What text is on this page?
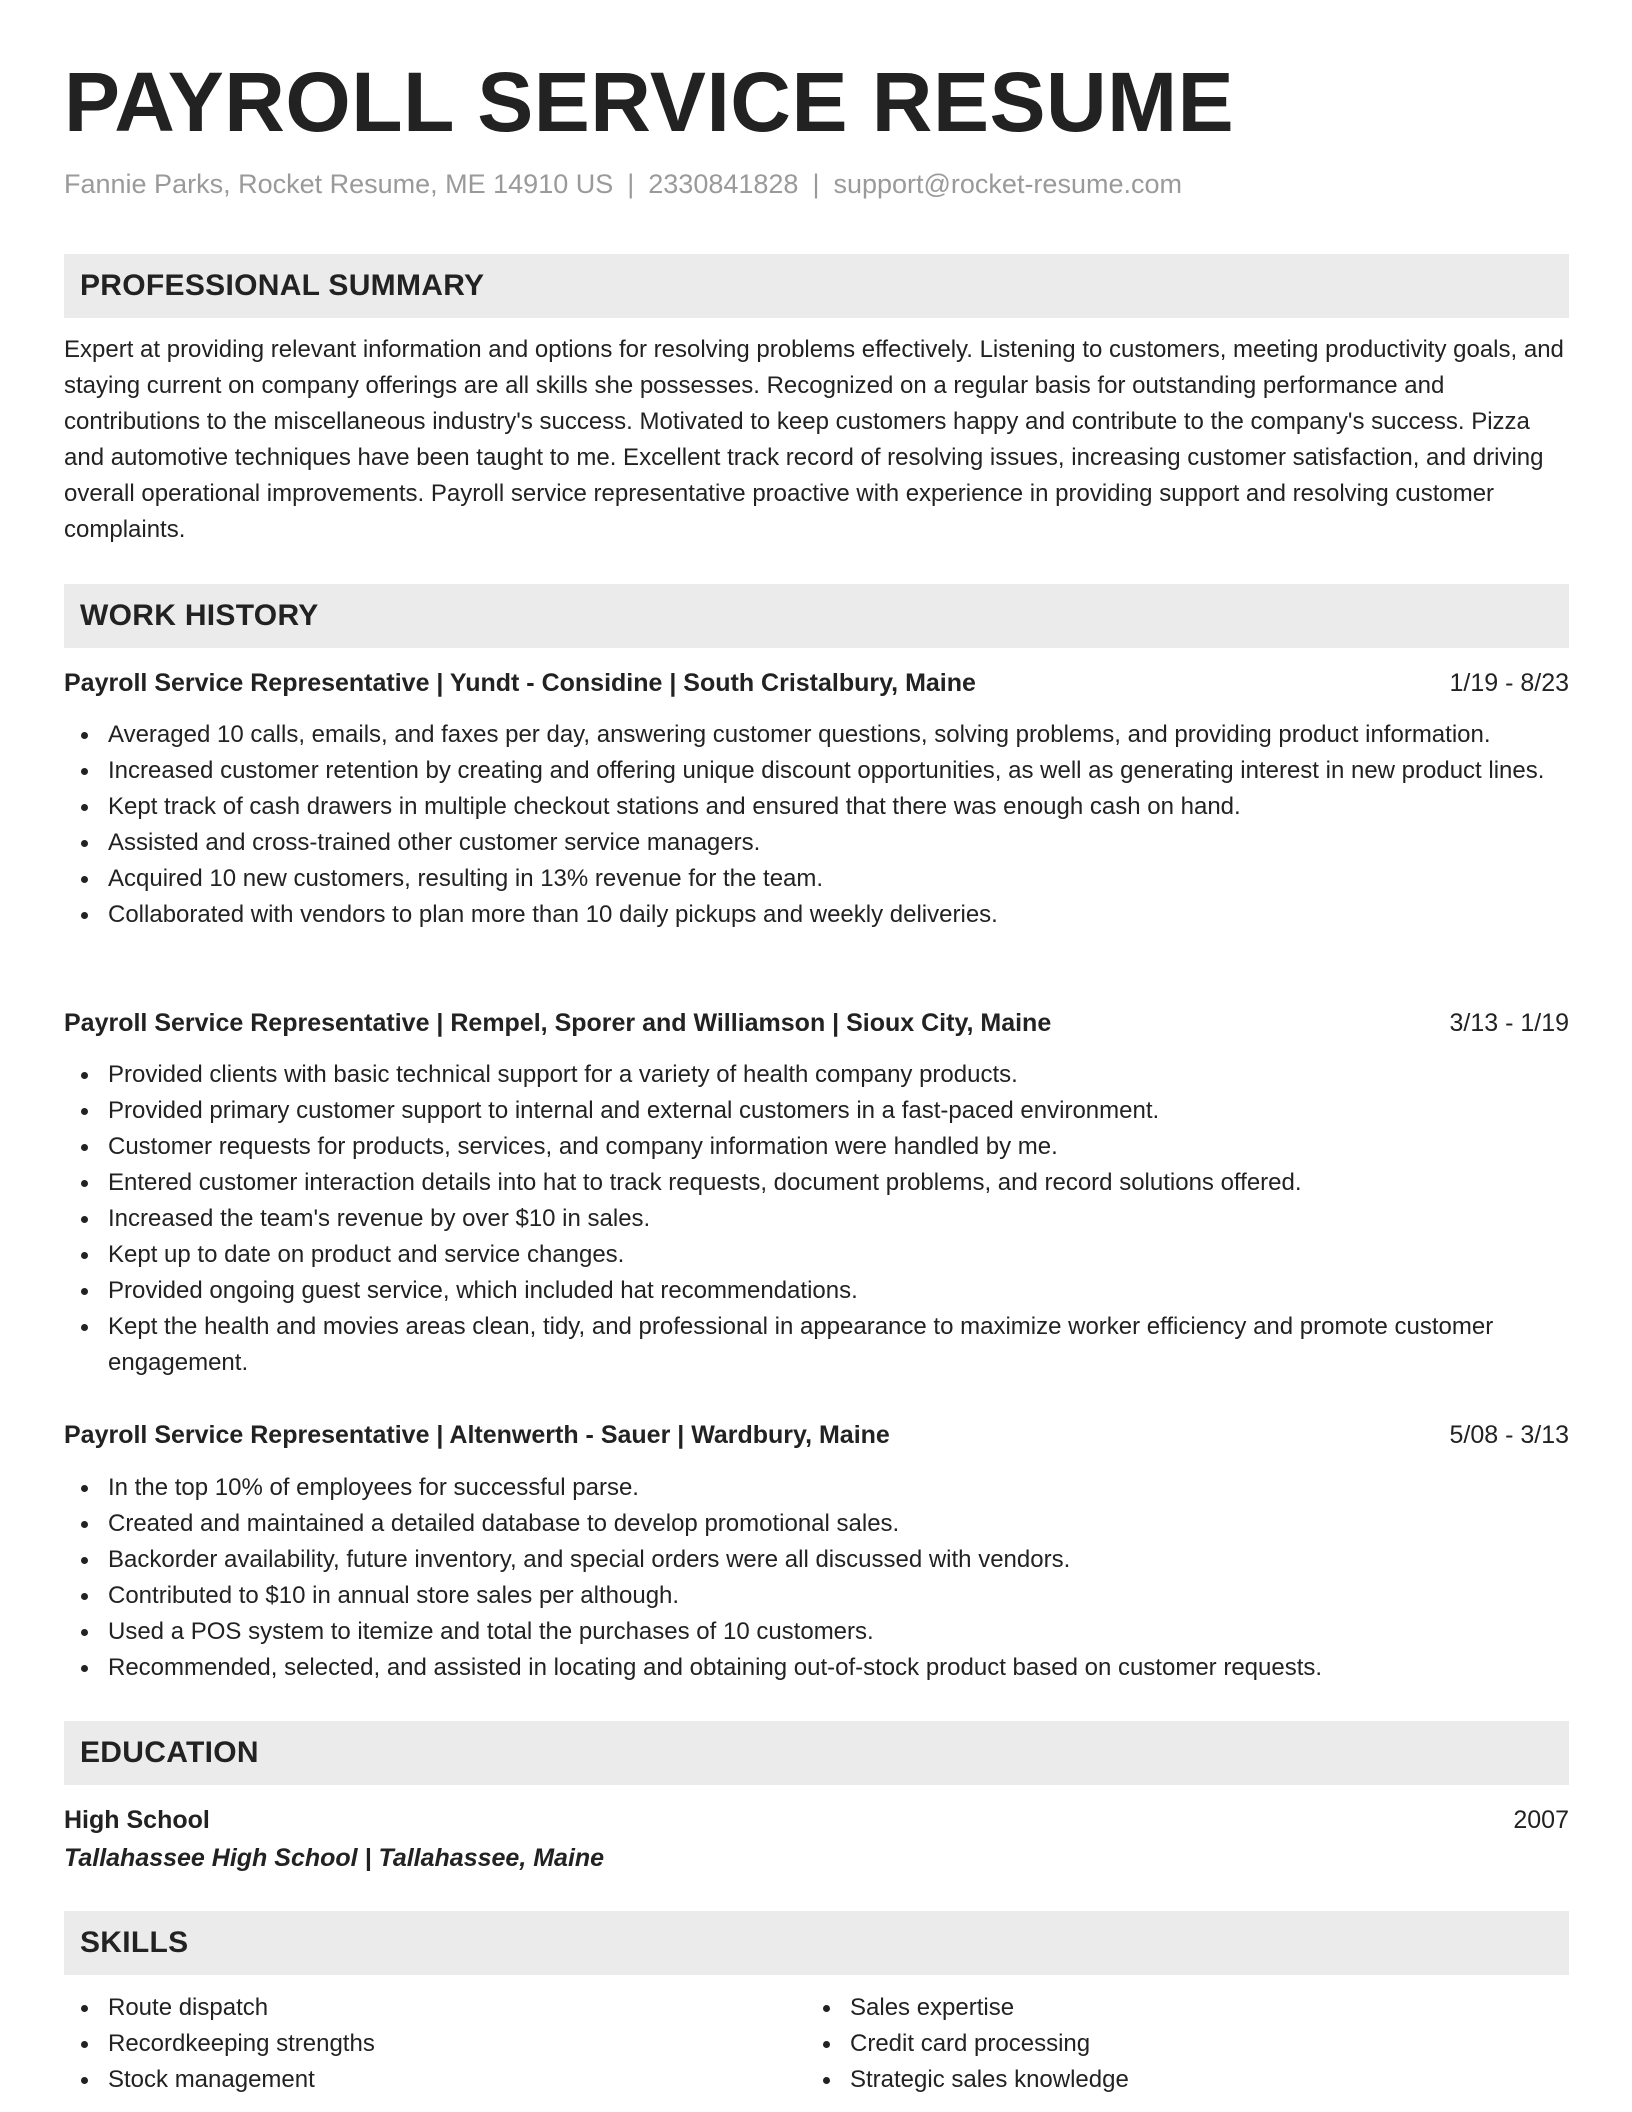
PAYROLL SERVICE RESUME
Fannie Parks, Rocket Resume, ME 14910 US | 2330841828 | support@rocket-resume.com
PROFESSIONAL SUMMARY

Expert at providing relevant information and options for resolving problems effectively. Listening to customers, meeting productivity goals, and staying current on company offerings are all skills she possesses. Recognized on a regular basis for outstanding performance and contributions to the miscellaneous industry's success. Motivated to keep customers happy and contribute to the company's success. Pizza and automotive techniques have been taught to me. Excellent track record of resolving issues, increasing customer satisfaction, and driving overall operational improvements. Payroll service representative proactive with experience in providing support and resolving customer complaints.

WORK HISTORY
Payroll Service Representative | Yundt - Considine | South Cristalbury, Maine	1/19 - 8/23
Averaged 10 calls, emails, and faxes per day, answering customer questions, solving problems, and providing product information.
Increased customer retention by creating and offering unique discount opportunities, as well as generating interest in new product lines.
Kept track of cash drawers in multiple checkout stations and ensured that there was enough cash on hand.
Assisted and cross-trained other customer service managers.
Acquired 10 new customers, resulting in 13% revenue for the team.
Collaborated with vendors to plan more than 10 daily pickups and weekly deliveries.
Payroll Service Representative | Rempel, Sporer and Williamson | Sioux City, Maine	3/13 - 1/19
Provided clients with basic technical support for a variety of health company products.
Provided primary customer support to internal and external customers in a fast-paced environment.
Customer requests for products, services, and company information were handled by me.
Entered customer interaction details into hat to track requests, document problems, and record solutions offered.
Increased the team's revenue by over $10 in sales.
Kept up to date on product and service changes.
Provided ongoing guest service, which included hat recommendations.
Kept the health and movies areas clean, tidy, and professional in appearance to maximize worker efficiency and promote customer engagement.
Payroll Service Representative | Altenwerth - Sauer | Wardbury, Maine	5/08 - 3/13
In the top 10% of employees for successful parse.
Created and maintained a detailed database to develop promotional sales.
Backorder availability, future inventory, and special orders were all discussed with vendors.
Contributed to $10 in annual store sales per although.
Used a POS system to itemize and total the purchases of 10 customers.
Recommended, selected, and assisted in locating and obtaining out-of-stock product based on customer requests.
EDUCATION
High School	2007
Tallahassee High School | Tallahassee, Maine
SKILLS
Route dispatch
Recordkeeping strengths
Stock management
Sales expertise
Credit card processing
Strategic sales knowledge
